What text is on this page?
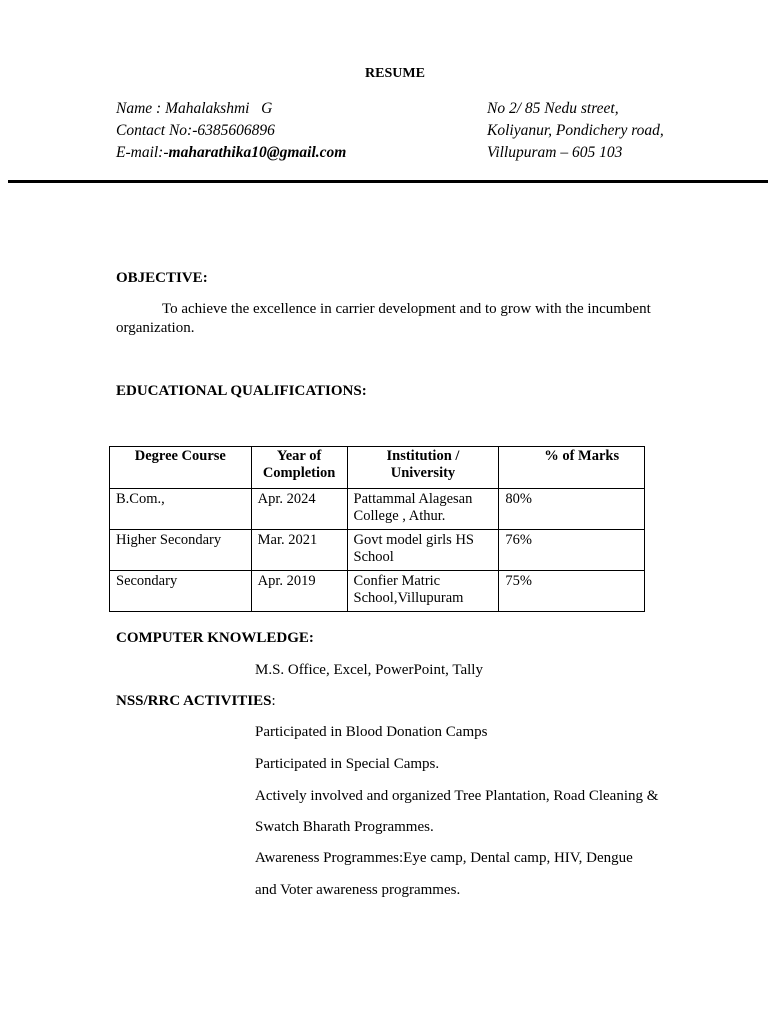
RESUME
Name : Mahalakshmi   G
Contact No:-6385606896
E-mail:-maharathika10@gmail.com
No 2/ 85 Nedu street,
Koliyanur, Pondichery road,
Villupuram – 605 103
OBJECTIVE:
To achieve the excellence in carrier development and to grow with the incumbent organization.
EDUCATIONAL QUALIFICATIONS:
Degree Course	Year of Completion	Institution / University	% of Marks
B.Com.,	Apr. 2024	Pattammal Alagesan College , Athur.	80%
Higher Secondary	Mar. 2021	Govt model girls HS School	76%
Secondary	Apr. 2019	Confier Matric School,Villupuram	75%
COMPUTER KNOWLEDGE:
M.S. Office, Excel, PowerPoint, Tally
NSS/RRC ACTIVITIES:
Participated in Blood Donation Camps
Participated in Special Camps.
Actively involved and organized Tree Plantation, Road Cleaning &
Swatch Bharath Programmes.
Awareness Programmes:Eye camp, Dental camp, HIV, Dengue
and Voter awareness programmes.
